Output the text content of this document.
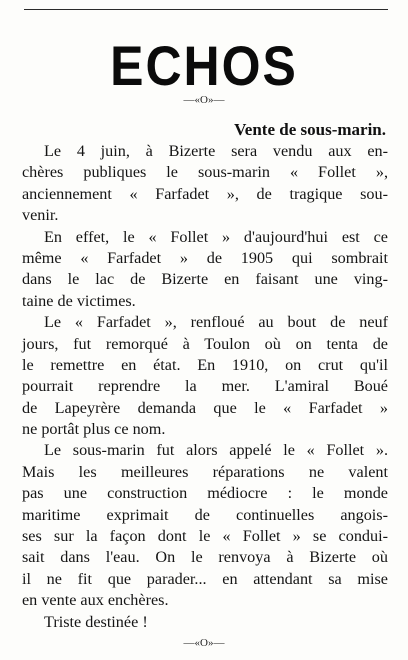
ECHOS
—«O»—
Vente de sous-marin.
Le 4 juin, à Bizerte sera vendu aux en-
chères publiques le sous-marin « Follet »,
anciennement « Farfadet », de tragique sou-
venir.
En effet, le « Follet » d'aujourd'hui est ce
même « Farfadet » de 1905 qui sombrait
dans le lac de Bizerte en faisant une ving-
taine de victimes.
Le « Farfadet », renfloué au bout de neuf
jours, fut remorqué à Toulon où on tenta de
le remettre en état. En 1910, on crut qu'il
pourrait reprendre la mer. L'amiral Boué
de Lapeyrère demanda que le « Farfadet »
ne portât plus ce nom.
Le sous-marin fut alors appelé le « Follet ».
Mais les meilleures réparations ne valent
pas une construction médiocre : le monde
maritime exprimait de continuelles angois-
ses sur la façon dont le « Follet » se condui-
sait dans l'eau. On le renvoya à Bizerte où
il ne fit que parader... en attendant sa mise
en vente aux enchères.
Triste destinée !
—«O»—
